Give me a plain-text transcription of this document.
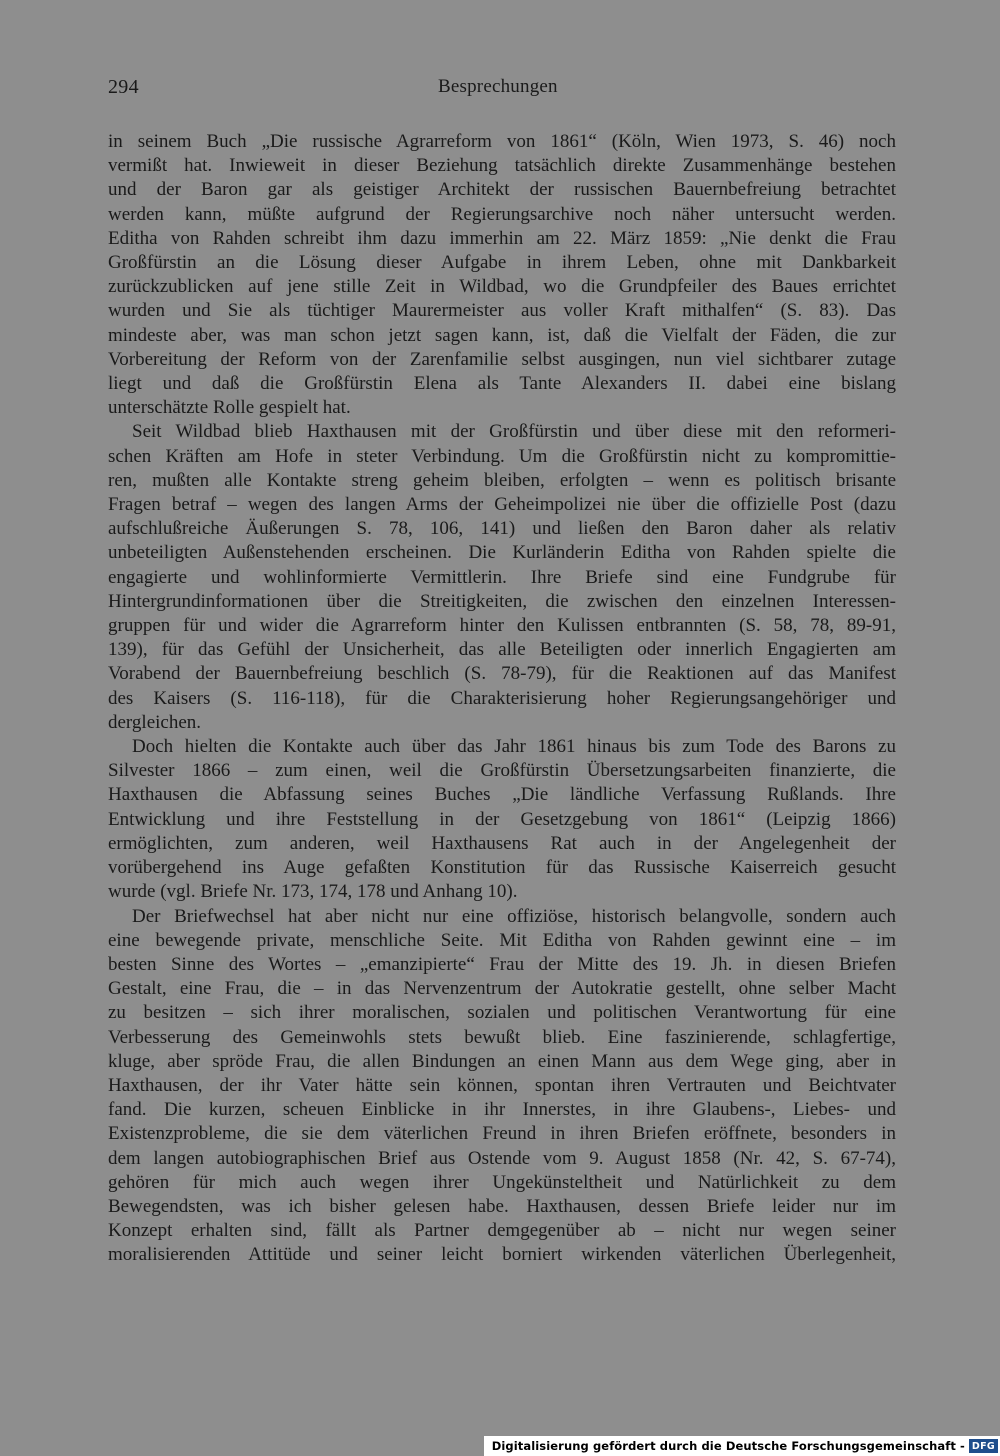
294	Besprechungen
in seinem Buch „Die russische Agrarreform von 1861“ (Köln, Wien 1973, S. 46) noch
vermißt hat. Inwieweit in dieser Beziehung tatsächlich direkte Zusammenhänge bestehen
und der Baron gar als geistiger Architekt der russischen Bauernbefreiung betrachtet
werden kann, müßte aufgrund der Regierungsarchive noch näher untersucht werden.
Editha von Rahden schreibt ihm dazu immerhin am 22. März 1859: „Nie denkt die Frau
Großfürstin an die Lösung dieser Aufgabe in ihrem Leben, ohne mit Dankbarkeit
zurückzublicken auf jene stille Zeit in Wildbad, wo die Grundpfeiler des Baues errichtet
wurden und Sie als tüchtiger Maurermeister aus voller Kraft mithalfen“ (S. 83). Das
mindeste aber, was man schon jetzt sagen kann, ist, daß die Vielfalt der Fäden, die zur
Vorbereitung der Reform von der Zarenfamilie selbst ausgingen, nun viel sichtbarer zutage
liegt und daß die Großfürstin Elena als Tante Alexanders II. dabei eine bislang
unterschätzte Rolle gespielt hat.
Seit Wildbad blieb Haxthausen mit der Großfürstin und über diese mit den reformeri-
schen Kräften am Hofe in steter Verbindung. Um die Großfürstin nicht zu kompromittie-
ren, mußten alle Kontakte streng geheim bleiben, erfolgten – wenn es politisch brisante
Fragen betraf – wegen des langen Arms der Geheimpolizei nie über die offizielle Post (dazu
aufschlußreiche Äußerungen S. 78, 106, 141) und ließen den Baron daher als relativ
unbeteiligten Außenstehenden erscheinen. Die Kurländerin Editha von Rahden spielte die
engagierte und wohlinformierte Vermittlerin. Ihre Briefe sind eine Fundgrube für
Hintergrundinformationen über die Streitigkeiten, die zwischen den einzelnen Interessen-
gruppen für und wider die Agrarreform hinter den Kulissen entbrannten (S. 58, 78, 89-91,
139), für das Gefühl der Unsicherheit, das alle Beteiligten oder innerlich Engagierten am
Vorabend der Bauernbefreiung beschlich (S. 78-79), für die Reaktionen auf das Manifest
des Kaisers (S. 116-118), für die Charakterisierung hoher Regierungsangehöriger und
dergleichen.
Doch hielten die Kontakte auch über das Jahr 1861 hinaus bis zum Tode des Barons zu
Silvester 1866 – zum einen, weil die Großfürstin Übersetzungsarbeiten finanzierte, die
Haxthausen die Abfassung seines Buches „Die ländliche Verfassung Rußlands. Ihre
Entwicklung und ihre Feststellung in der Gesetzgebung von 1861“ (Leipzig 1866)
ermöglichten, zum anderen, weil Haxthausens Rat auch in der Angelegenheit der
vorübergehend ins Auge gefaßten Konstitution für das Russische Kaiserreich gesucht
wurde (vgl. Briefe Nr. 173, 174, 178 und Anhang 10).
Der Briefwechsel hat aber nicht nur eine offiziöse, historisch belangvolle, sondern auch
eine bewegende private, menschliche Seite. Mit Editha von Rahden gewinnt eine – im
besten Sinne des Wortes – „emanzipierte“ Frau der Mitte des 19. Jh. in diesen Briefen
Gestalt, eine Frau, die – in das Nervenzentrum der Autokratie gestellt, ohne selber Macht
zu besitzen – sich ihrer moralischen, sozialen und politischen Verantwortung für eine
Verbesserung des Gemeinwohls stets bewußt blieb. Eine faszinierende, schlagfertige,
kluge, aber spröde Frau, die allen Bindungen an einen Mann aus dem Wege ging, aber in
Haxthausen, der ihr Vater hätte sein können, spontan ihren Vertrauten und Beichtvater
fand. Die kurzen, scheuen Einblicke in ihr Innerstes, in ihre Glaubens-, Liebes- und
Existenzprobleme, die sie dem väterlichen Freund in ihren Briefen eröffnete, besonders in
dem langen autobiographischen Brief aus Ostende vom 9. August 1858 (Nr. 42, S. 67-74),
gehören für mich auch wegen ihrer Ungekünsteltheit und Natürlichkeit zu dem
Bewegendsten, was ich bisher gelesen habe. Haxthausen, dessen Briefe leider nur im
Konzept erhalten sind, fällt als Partner demgegenüber ab – nicht nur wegen seiner
moralisierenden Attitüde und seiner leicht borniert wirkenden väterlichen Überlegenheit,
Digitalisierung gefördert durch die Deutsche Forschungsgemeinschaft - DFG
